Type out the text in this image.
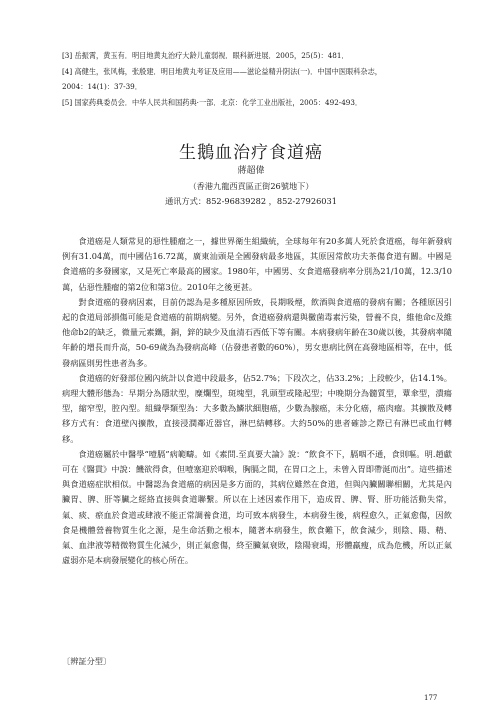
[3] 岳振霄，黄玉有．明目地黄丸治疗大龄儿童弱视．眼科新进展．2005，25(5)：481．

[4] 高健生，张风梅，张殷建．明目地黄丸考证及应用——滋论益精升阴法(一)．中国中医眼科杂志，

2004：14(1)：37-39．

[5] 国家药典委员会．中华人民共和国药典·一部．北京：化学工业出版社，2005：492-493．

生鵝血治疗食道癌

蔣超偉

（香港九龍西貢區正街26號地下）

通讯方式：852-96839282 ，852-27926031

食道癌是人類常見的惡性腫瘤之一，據世界衛生組織統，全球每年有20多萬人死於食道癌，每年新發病例有31.04萬，而中國佔16.72萬，廣東汕頭是全國發病最多地區，其原因常飲功夫茶傷食道有關。中國是食道癌的多發國家，又是死亡率最高的國家。1980年，中國男、女食道癌發病率分別為21/10萬，12.3/10萬，佔惡性腫瘤的第2位和第3位。2010年之後更甚。

對食道癌的發病因素，目前仍認為是多種原因所致，長期吸煙，飲酒與食道癌的發病有關；各種原因引起的食道局部損傷可能是食道癌的前期病變。另外，食道癌發病還與黴菌毒素污染，營養不良，維他命c及維他命b2的缺乏，微量元素鐵，銅，鋅的缺少及血清石西低下等有關。本病發病年齡在30歲以後，其發病率隨年齡的增長而升高，50-69歲為為發病高峰（佔發患者數的60%），男女患病比例在高發地區相等，在中，低發病區則男性患者為多。

食道癌的好發部位國內統計以食道中段最多，佔52.7%；下段次之，佔33.2%；上段較少，佔14.1%。病理大體形態為：早期分為隱狀型，糜爛型，斑塊型，乳頭型或隆起型；中晚期分為髓質型，蕈傘型，潰瘍型，縮窄型，腔內型。組織學類型為：大多數為鱗狀細胞癌，少數為腺癌，未分化癌，癌肉瘤。其擴散及轉移方式有：食道壁內擴散，直接浸潤鄰近器官，淋巴結轉移。大約50%的患者確診之際已有淋巴或血行轉移。

食道癌屬於中醫學“噎膈”病範疇。如《素問.至真要大論》說：“飲食不下，膈咽不通，食則嘔。明.趙獻可在《醫貫》中說：饑欲得食，但噎塞迎於咽喉，胸膈之間，在胃口之上，未曾入胃即帶涎而出”。這些描述與食道癌症狀相似。中醫認為食道癌的病因是多方面的，其病位雖然在食道，但與內臟關聯相關，尤其是內臟胃、脾、肝等臟之經絡直接與食道聯繫。所以在上述因素作用下，造成胃、脾、腎、肝功能活動失常，氣、痰、瘀血於食道或肆液不能正常調養食道，均可致本病發生，本病發生後，病程愈久，正氣愈傷，因飲食是機體營養物質生化之源，是生命活動之根本，隨著本病發生，飲食難下，飲食減少，則陰、陽、精、氣、血津液等精微物質生化減少，則正氣愈傷，終至臟氣衰敗，陰陽衰竭，形體羸瘦，成為危機，所以正氣虛弱亦是本病發展變化的核心所在。

〔辨証分型〕

177
